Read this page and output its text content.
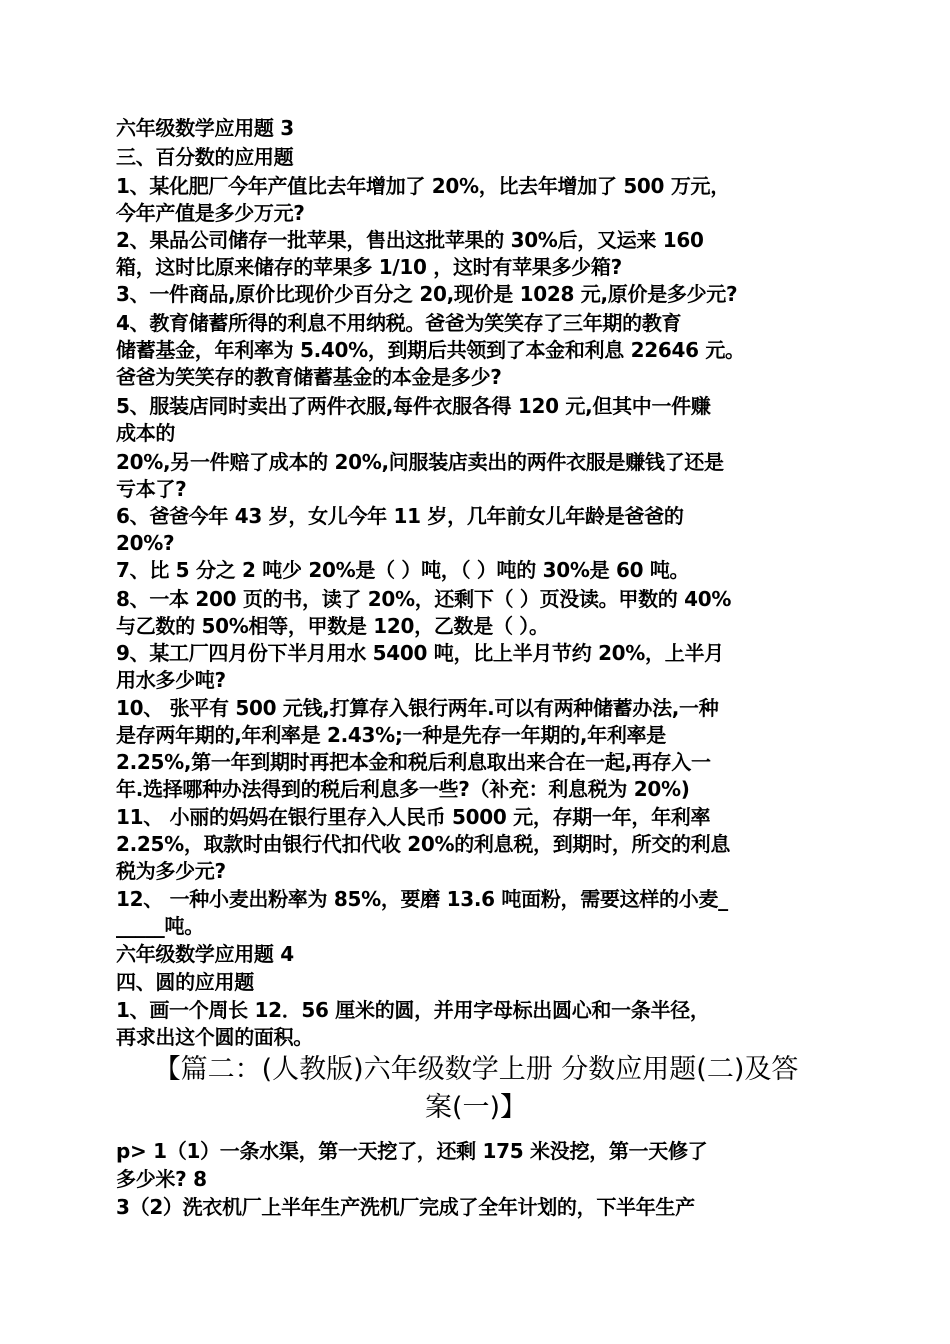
六年级数学应用题 3
三、百分数的应用题
1、某化肥厂今年产值比去年增加了 20%，比去年增加了 500 万元，
今年产值是多少万元?
2、果品公司储存一批苹果，售出这批苹果的 30%后，又运来 160
箱，这时比原来储存的苹果多 1/10 ，这时有苹果多少箱?
3、一件商品,原价比现价少百分之 20,现价是 1028 元,原价是多少元?
4、教育储蓄所得的利息不用纳税。爸爸为笑笑存了三年期的教育
储蓄基金，年利率为 5.40%，到期后共领到了本金和利息 22646 元。
爸爸为笑笑存的教育储蓄基金的本金是多少?
5、服装店同时卖出了两件衣服,每件衣服各得 120 元,但其中一件赚
成本的
20%,另一件赔了成本的 20%,问服装店卖出的两件衣服是赚钱了还是
亏本了?
6、爸爸今年 43 岁，女儿今年 11 岁，几年前女儿年龄是爸爸的
20%?
7、比 5 分之 2 吨少 20%是（ ）吨，（ ）吨的 30%是 60 吨。
8、一本 200 页的书，读了 20%，还剩下（ ）页没读。甲数的 40%
与乙数的 50%相等，甲数是 120，乙数是（ ）。
9、某工厂四月份下半月用水 5400 吨，比上半月节约 20%，上半月
用水多少吨?
10、 张平有 500 元钱,打算存入银行两年.可以有两种储蓄办法,一种
是存两年期的,年利率是 2.43%;一种是先存一年期的,年利率是
2.25%,第一年到期时再把本金和税后利息取出来合在一起,再存入一
年.选择哪种办法得到的税后利息多一些?（补充：利息税为 20%)
11、 小丽的妈妈在银行里存入人民币 5000 元，存期一年，年利率
2.25%，取款时由银行代扣代收 20%的利息税，到期时，所交的利息
税为多少元?
12、 一种小麦出粉率为 85%，要磨 13.6 吨面粉，需要这样的小麦_
_____吨。
六年级数学应用题 4
四、圆的应用题
1、画一个周长 12．56 厘米的圆，并用字母标出圆心和一条半径，
再求出这个圆的面积。
【篇二：(人教版)六年级数学上册 分数应用题(二)及答
案(一)】
p> 1（1）一条水渠，第一天挖了，还剩 175 米没挖，第一天修了
多少米? 8
3（2）洗衣机厂上半年生产洗机厂完成了全年计划的，下半年生产
